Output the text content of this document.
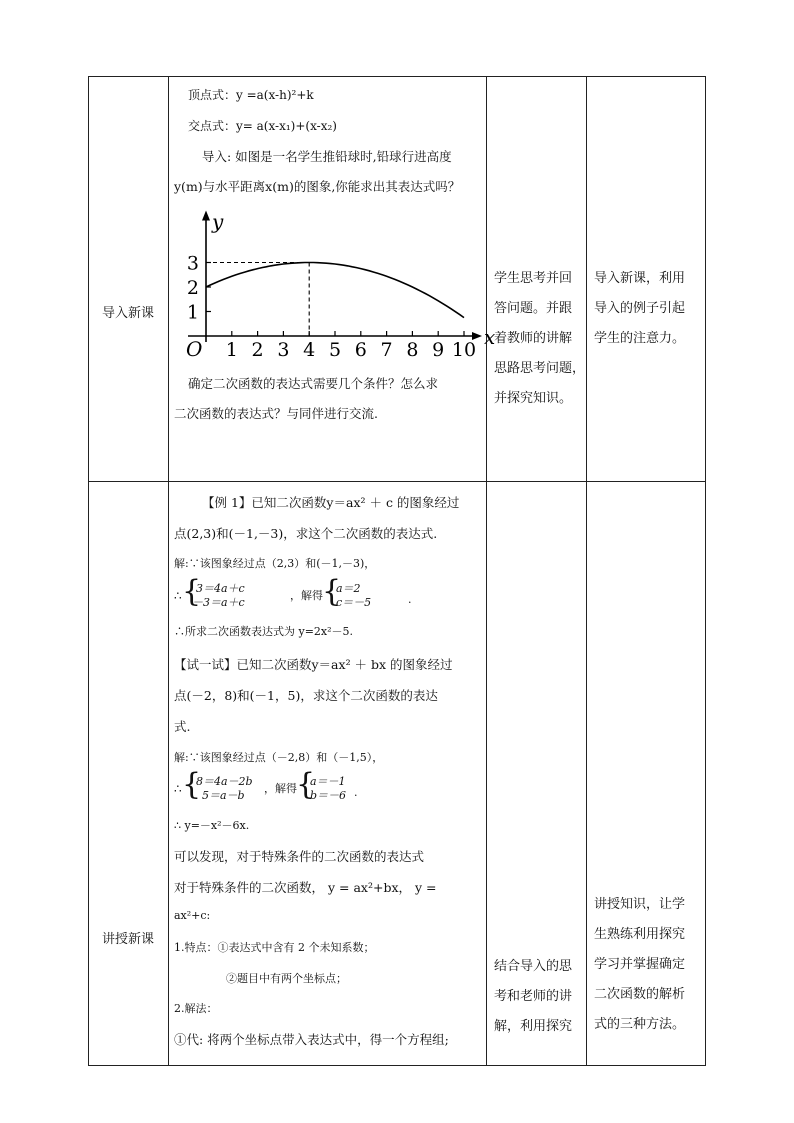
导入新课
顶点式：y =a(x-h)²+k
交点式：y= a(x-x₁)+(x-x₂)
导入: 如图是一名学生推铅球时,铅球行进高度
y(m)与水平距离x(m)的图象,你能求出其表达式吗？
x
y
O 1 2 3 4 5 6 7 8 9 10
1
2
3
确定二次函数的表达式需要几个条件？怎么求
二次函数的表达式？与同伴进行交流.
学生思考并回
答问题。并跟
着教师的讲解
思路思考问题，
并探究知识。
导入新课，利用
导入的例子引起
学生的注意力。
讲授新课
【例 1】已知二次函数y＝ax² ＋ c 的图象经过
点(2,3)和(－1,－3)，求这个二次函数的表达式.
解:∵该图象经过点（2,3）和(－1,－3)，
∴ {
3＝4a＋c
－3＝a＋c
，解得 {
a＝2
c＝－5	.
∴所求二次函数表达式为 y=2x²－5.
【试一试】已知二次函数y＝ax² ＋ bx 的图象经过
点(－2，8)和(－1，5)，求这个二次函数的表达
式.
解:∵该图象经过点（－2,8）和（－1,5），
∴ {
8＝4a－2b
5＝a－b
，解得 {
a＝－1
b＝－6 .
∴ y=－x²－6x.
可以发现，对于特殊条件的二次函数的表达式
对于特殊条件的二次函数， y = ax²+bx， y =
ax²+c:
1.特点：①表达式中含有 2 个未知系数；
②题目中有两个坐标点；
2.解法：
①代: 将两个坐标点带入表达式中，得一个方程组;
结合导入的思
考和老师的讲
解，利用探究
讲授知识，让学
生熟练利用探究
学习并掌握确定
二次函数的解析
式的三种方法。
